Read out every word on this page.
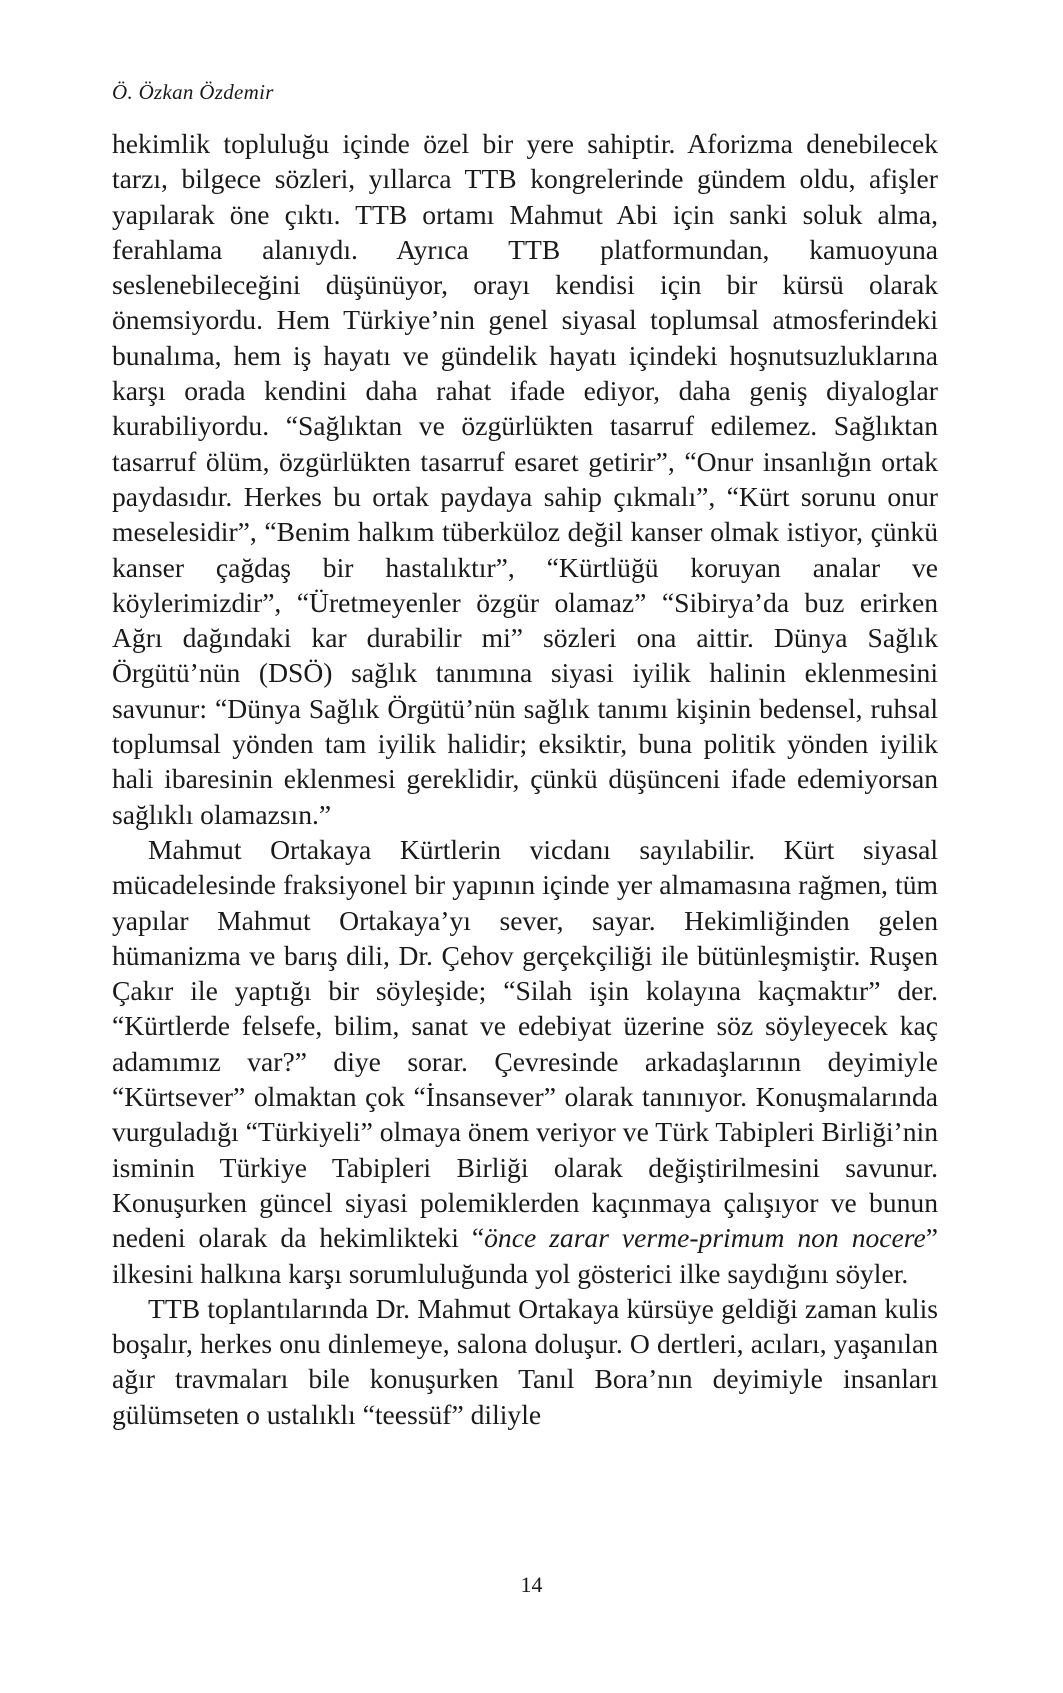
Ö. Özkan Özdemir

hekimlik topluluğu içinde özel bir yere sahiptir. Aforizma denebilecek tarzı, bilgece sözleri, yıllarca TTB kongrelerinde gündem oldu, afişler yapılarak öne çıktı. TTB ortamı Mahmut Abi için sanki soluk alma, ferahlama alanıydı. Ayrıca TTB platformundan, kamuoyuna seslenebileceğini düşünüyor, orayı kendisi için bir kürsü olarak önemsiyordu. Hem Türkiye’nin genel siyasal toplumsal atmosferindeki bunalıma, hem iş hayatı ve gündelik hayatı içindeki hoşnutsuzluklarına karşı orada kendini daha rahat ifade ediyor, daha geniş diyaloglar kurabiliyordu. “Sağlıktan ve özgürlükten tasarruf edilemez. Sağlıktan tasarruf ölüm, özgürlükten tasarruf esaret getirir”, “Onur insanlığın ortak paydasıdır. Herkes bu ortak paydaya sahip çıkmalı”, “Kürt sorunu onur meselesidir”, “Benim halkım tüberküloz değil kanser olmak istiyor, çünkü kanser çağdaş bir hastalıktır”, “Kürtlüğü koruyan analar ve köylerimizdir”, “Üretmeyenler özgür olamaz” “Sibirya’da buz erirken Ağrı dağındaki kar durabilir mi” sözleri ona aittir. Dünya Sağlık Örgütü’nün (DSÖ) sağlık tanımına siyasi iyilik halinin eklenmesini savunur: “Dünya Sağlık Örgütü’nün sağlık tanımı kişinin bedensel, ruhsal toplumsal yönden tam iyilik halidir; eksiktir, buna politik yönden iyilik hali ibaresinin eklenmesi gereklidir, çünkü düşünceni ifade edemiyorsan sağlıklı olamazsın.”

Mahmut Ortakaya Kürtlerin vicdanı sayılabilir. Kürt siyasal mücadelesinde fraksiyonel bir yapının içinde yer almamasına rağmen, tüm yapılar Mahmut Ortakaya’yı sever, sayar. Hekimliğinden gelen hümanizma ve barış dili, Dr. Çehov gerçekçiliği ile bütünleşmiştir. Ruşen Çakır ile yaptığı bir söyleşide; “Silah işin kolayına kaçmaktır” der. “Kürtlerde felsefe, bilim, sanat ve edebiyat üzerine söz söyleyecek kaç adamımız var?” diye sorar. Çevresinde arkadaşlarının deyimiyle “Kürtsever” olmaktan çok “İnsansever” olarak tanınıyor. Konuşmalarında vurguladığı “Türkiyeli” olmaya önem veriyor ve Türk Tabipleri Birliği’nin isminin Türkiye Tabipleri Birliği olarak değiştirilmesini savunur. Konuşurken güncel siyasi polemiklerden kaçınmaya çalışıyor ve bunun nedeni olarak da hekimlikteki “önce zarar verme-primum non nocere” ilkesini halkına karşı sorumluluğunda yol gösterici ilke saydığını söyler.

TTB toplantılarında Dr. Mahmut Ortakaya kürsüye geldiği zaman kulis boşalır, herkes onu dinlemeye, salona doluşur. O dertleri, acıları, yaşanılan ağır travmaları bile konuşurken Tanıl Bora’nın deyimiyle insanları gülümseten o ustalıklı “teessüf” diliyle

14
